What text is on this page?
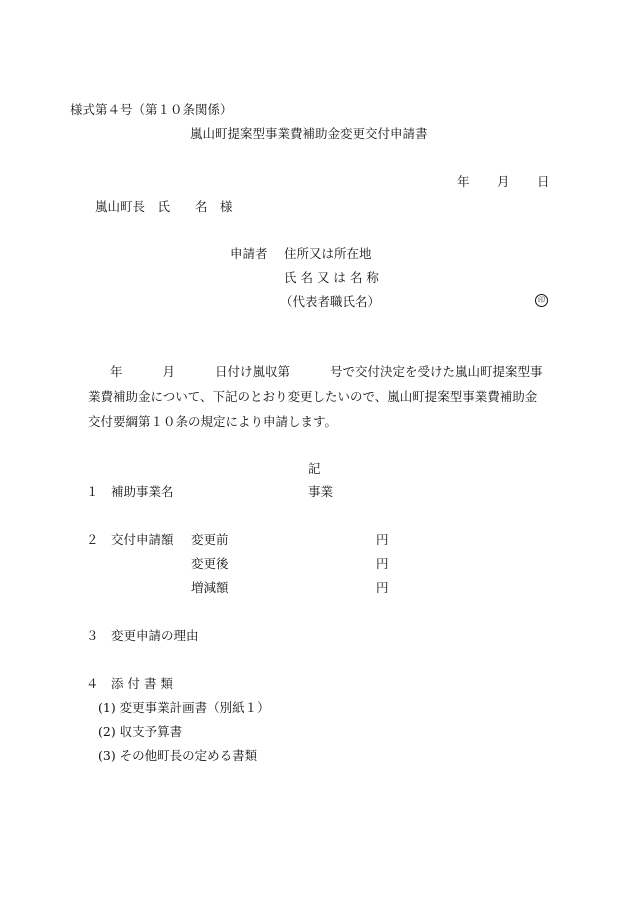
様式第４号（第１０条関係）
嵐山町提案型事業費補助金変更交付申請書
年 月 日
嵐山町長　氏　　名　様
申請者 住所又は所在地
氏 名 又 は 名 称
（代表者職氏名）	印
年	月	日付け嵐収第	号で交付決定を受けた嵐山町提案型事
業費補助金について、下記のとおり変更したいので、嵐山町提案型事業費補助金
交付要綱第１０条の規定により申請します。
記
１ 補助事業名	事業
２ 交付申請額 変更前	円
変更後	円
増減額	円
３ 変更申請の理由
４ 添 付 書 類
(1) 変更事業計画書（別紙１）
(2) 収支予算書
(3) その他町長の定める書類
